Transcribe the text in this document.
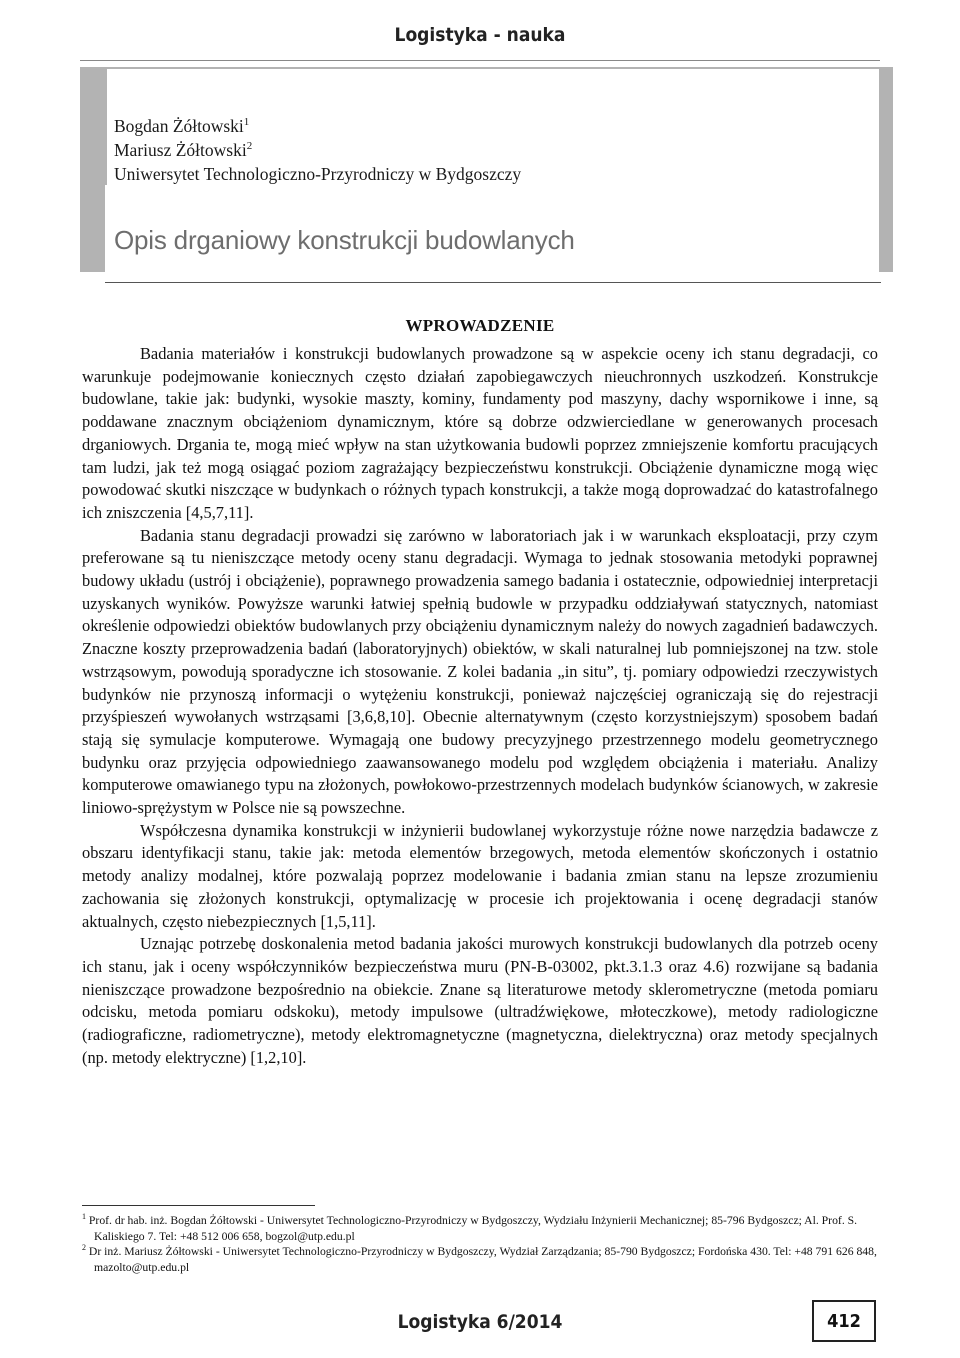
Logistyka - nauka
Bogdan Żółtowski$^1$
Mariusz Żółtowski$^2$
Uniwersytet Technologiczno-Przyrodniczy w Bydgoszczy
Opis drganiowy konstrukcji budowlanych
WPROWADZENIE

Badania materiałów i konstrukcji budowlanych prowadzone są w aspekcie oceny ich stanu degradacji, co warunkuje podejmowanie koniecznych często działań zapobiegawczych nieuchronnych uszkodzeń. Konstrukcje budowlane, takie jak: budynki, wysokie maszty, kominy, fundamenty pod maszyny, dachy wspornikowe i inne, są poddawane znacznym obciążeniom dynamicznym, które są dobrze odzwierciedlane w generowanych procesach drganiowych. Drgania te, mogą mieć wpływ na stan użytkowania budowli poprzez zmniejszenie komfortu pracujących tam ludzi, jak też mogą osiągać poziom zagrażający bezpieczeństwu konstrukcji. Obciążenie dynamiczne mogą więc powodować skutki niszczące w budynkach o różnych typach konstrukcji, a także mogą doprowadzać do katastrofalnego ich zniszczenia [4,5,7,11].

Badania stanu degradacji prowadzi się zarówno w laboratoriach jak i w warunkach eksploatacji, przy czym preferowane są tu nieniszczące metody oceny stanu degradacji. Wymaga to jednak stosowania metodyki poprawnej budowy układu (ustrój i obciążenie), poprawnego prowadzenia samego badania i ostatecznie, odpowiedniej interpretacji uzyskanych wyników. Powyższe warunki łatwiej spełnią budowle w przypadku oddziaływań statycznych, natomiast określenie odpowiedzi obiektów budowlanych przy obciążeniu dynamicznym należy do nowych zagadnień badawczych. Znaczne koszty przeprowadzenia badań (laboratoryjnych) obiektów, w skali naturalnej lub pomniejszonej na tzw. stole wstrząsowym, powodują sporadyczne ich stosowanie. Z kolei badania „in situ”, tj. pomiary odpowiedzi rzeczywistych budynków nie przynoszą informacji o wytężeniu konstrukcji, ponieważ najczęściej ograniczają się do rejestracji przyśpieszeń wywołanych wstrząsami [3,6,8,10]. Obecnie alternatywnym (często korzystniejszym) sposobem badań stają się symulacje komputerowe. Wymagają one budowy precyzyjnego przestrzennego modelu geometrycznego budynku oraz przyjęcia odpowiedniego zaawansowanego modelu pod względem obciążenia i materiału. Analizy komputerowe omawianego typu na złożonych, powłokowo-przestrzennych modelach budynków ścianowych, w zakresie liniowo-sprężystym w Polsce nie są powszechne.

Współczesna dynamika konstrukcji w inżynierii budowlanej wykorzystuje różne nowe narzędzia badawcze z obszaru identyfikacji stanu, takie jak: metoda elementów brzegowych, metoda elementów skończonych i ostatnio metody analizy modalnej, które pozwalają poprzez modelowanie i badania zmian stanu na lepsze zrozumieniu zachowania się złożonych konstrukcji, optymalizację w procesie ich projektowania i ocenę degradacji stanów aktualnych, często niebezpiecznych [1,5,11].

Uznając potrzebę doskonalenia metod badania jakości murowych konstrukcji budowlanych dla potrzeb oceny ich stanu, jak i oceny współczynników bezpieczeństwa muru (PN-B-03002, pkt.3.1.3 oraz 4.6) rozwijane są badania nieniszczące prowadzone bezpośrednio na obiekcie. Znane są literaturowe metody sklerometryczne (metoda pomiaru odcisku, metoda pomiaru odskoku), metody impulsowe (ultradźwiękowe, młoteczkowe), metody radiologiczne (radiograficzne, radiometryczne), metody elektromagnetyczne (magnetyczna, dielektryczna) oraz metody specjalnych (np. metody elektryczne) [1,2,10].

$^1$ Prof. dr hab. inż. Bogdan Żółtowski - Uniwersytet Technologiczno-Przyrodniczy w Bydgoszczy, Wydziału Inżynierii Mechanicznej; 85-796 Bydgoszcz; Al. Prof. S. Kaliskiego 7. Tel: +48 512 006 658, bogzol@utp.edu.pl

$^2$ Dr inż. Mariusz Żółtowski - Uniwersytet Technologiczno-Przyrodniczy w Bydgoszczy, Wydział Zarządzania; 85-790 Bydgoszcz; Fordońska 430. Tel: +48 791 626 848, mazolto@utp.edu.pl

Logistyka 6/2014	412
